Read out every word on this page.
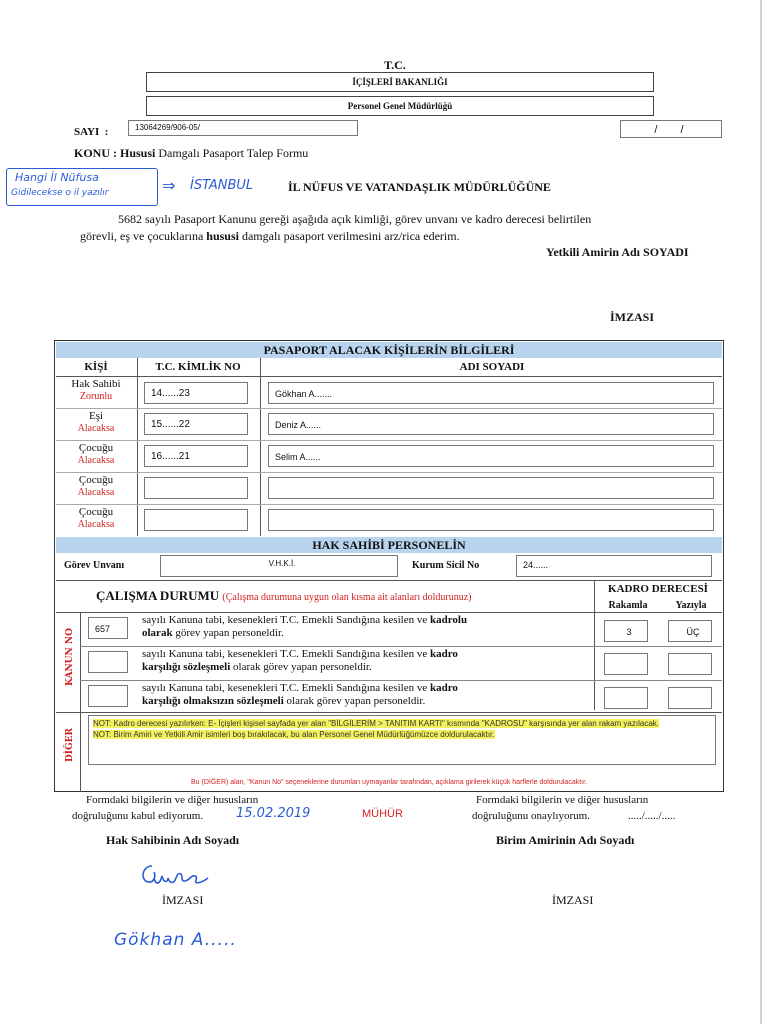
T.C.
İÇİŞLERİ BAKANLIĞI
Personel Genel Müdürlüğü
SAYI  :	13064269/906-05/	/ /
KONU : Hususi Damgalı Pasaport Talep Formu
Hangi İl Nüfusa
Gidilecekse o il yazılır	⇒ İSTANBUL	İL NÜFUS VE VATANDAŞLIK MÜDÜRLÜĞÜNE
5682 sayılı Pasaport Kanunu gereği aşağıda açık kimliği, görev unvanı ve kadro derecesi belirtilen
görevli, eş ve çocuklarına hususi damgalı pasaport verilmesini arz/rica ederim.
Yetkili Amirin Adı SOYADI
İMZASI
PASAPORT ALACAK KİŞİLERİN BİLGİLERİ
KİŞİ	T.C. KİMLİK NO	ADI SOYADI
Hak Sahibi
Zorunlu	14......23	Gökhan A.......
Eşi
Alacaksa	15......22	Deniz A......
Çocuğu
Alacaksa	16......21	Selim A......
Çocuğu
Alacaksa
Çocuğu
Alacaksa
HAK SAHİBİ PERSONELİN
Görev Unvanı	V.H.K.İ.	Kurum Sicil No	24......
ÇALIŞMA DURUMU (Çalışma durumuna uygun olan kısma ait alanları doldurunuz)
KADRO DERECESİ
Rakamla	Yazıyla
KANUN NO	657
sayılı Kanuna tabi, kesenekleri T.C. Emekli Sandığına kesilen ve kadrolu
olarak görev yapan personeldir.	3	ÜÇ
sayılı Kanuna tabi, kesenekleri T.C. Emekli Sandığına kesilen ve kadro
karşılığı sözleşmeli olarak görev yapan personeldir.
sayılı Kanuna tabi, kesenekleri T.C. Emekli Sandığına kesilen ve kadro
karşılığı olmaksızın sözleşmeli olarak görev yapan personeldir.
DİĞER
NOT: Kadro derecesi yazılırken: E- İçişleri kişisel sayfada yer alan "BİLGİLERİM > TANITIM KARTI" kısmında "KADROSU" karşısında yer alan rakam yazılacak.
NOT: Birim Amiri ve Yetkili Amir isimleri boş bırakılacak, bu alan Personel Genel Müdürlüğümüzce doldurulacaktır.
Bu (DİĞER) alan, "Kanun No" seçeneklerine durumları uymayanlar tarafından, açıklama girilerek küçük harflerle doldurulacaktır.
Formdaki bilgilerin ve diğer hususların
doğruluğunu kabul ediyorum.	15.02.2019	MÜHÜR
Formdaki bilgilerin ve diğer hususların
doğruluğunu onaylıyorum.	...../...../.....
Hak Sahibinin Adı Soyadı	Birim Amirinin Adı Soyadı
İMZASI	İMZASI
Gökhan A.....
